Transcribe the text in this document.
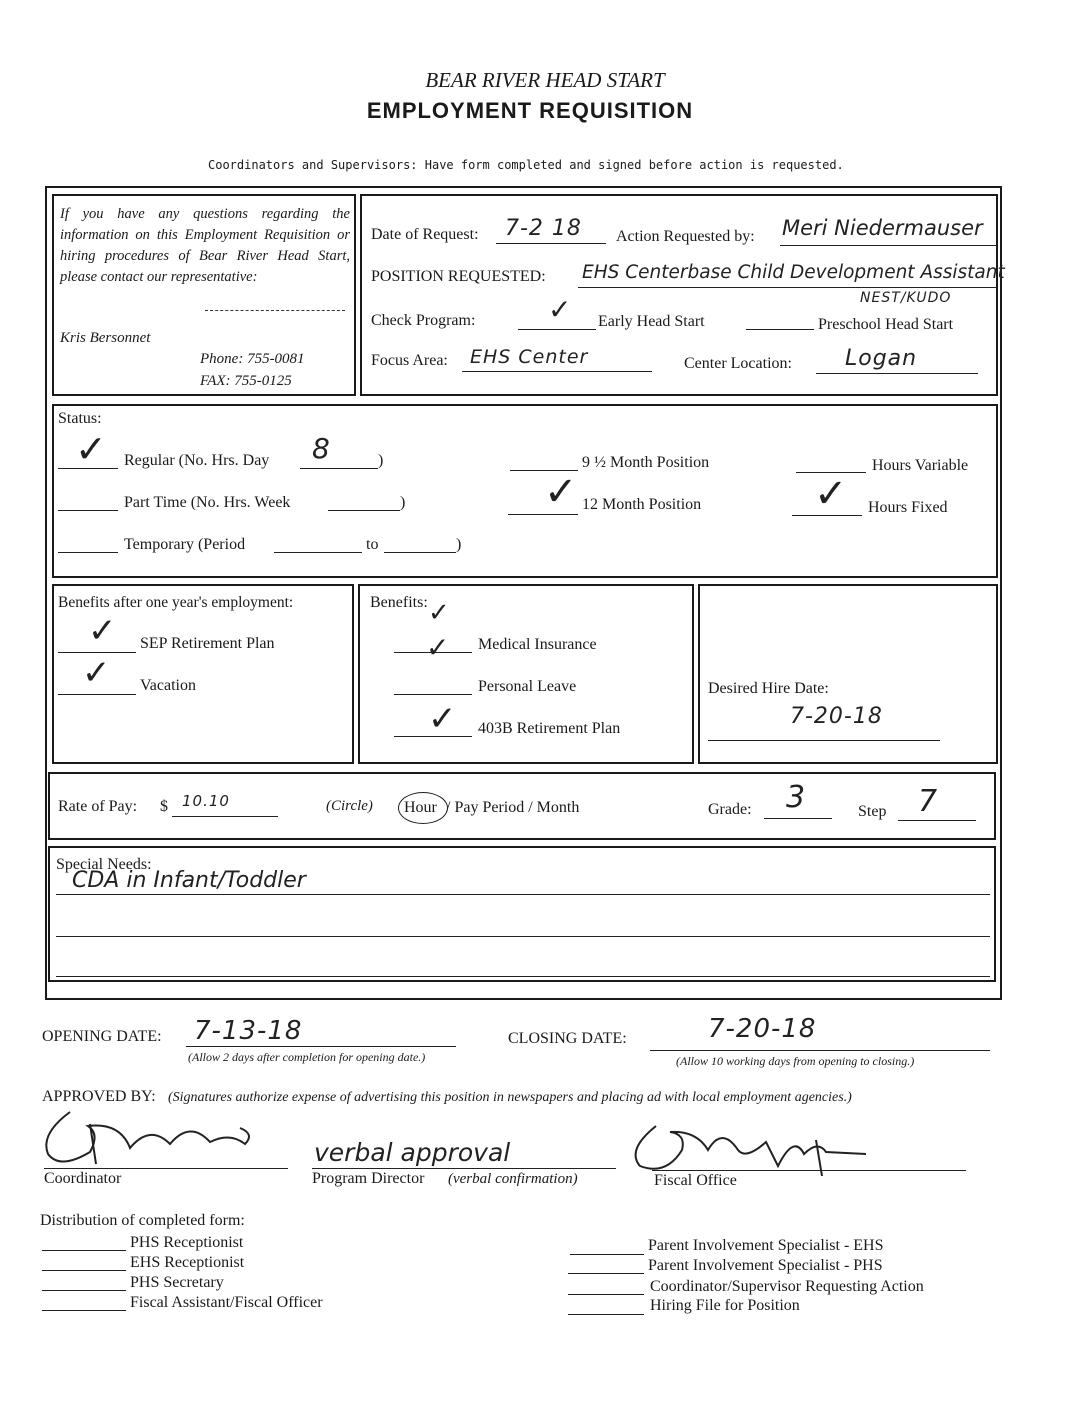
BEAR RIVER HEAD START
EMPLOYMENT REQUISITION
Coordinators and Supervisors: Have form completed and signed before action is requested.
If you have any questions regarding the information on this Employment Requisition or hiring procedures of Bear River Head Start, please contact our representative:
Kris Bersonnet
Phone: 755-0081
FAX: 755-0125
Date of Request: 7-2 18 Action Requested by: Meri Niedermauser
POSITION REQUESTED: EHS Centerbase Child Development Assistant
NEST/KUDO
Check Program:	✓ Early Head Start	Preschool Head Start
Focus Area: EHS Center	Center Location: Logan
Status:
✓ Regular (No. Hrs. Day 8	)
Part Time (No. Hrs. Week	)
Temporary (Period	to	)
9 ½ Month Position
✓ 12 Month Position
Hours Variable
✓ Hours Fixed
Benefits after one year's employment:
✓ SEP Retirement Plan
✓ Vacation
Benefits: ✓
✓ Medical Insurance
Personal Leave
✓ 403B Retirement Plan
Desired Hire Date:
7-20-18
Rate of Pay: $ 10.10	(Circle) Hour / Pay Period / Month	Grade: 3	Step 7
Special Needs:
CDA in Infant/Toddler
OPENING DATE: 7-13-18
(Allow 2 days after completion for opening date.)
CLOSING DATE:	7-20-18
(Allow 10 working days from opening to closing.)
APPROVED BY: (Signatures authorize expense of advertising this position in newspapers and placing ad with local employment agencies.)
Coordinator
verbal approval
Program Director (verbal confirmation)	Fiscal Office
Distribution of completed form:
PHS Receptionist
EHS Receptionist
PHS Secretary
Fiscal Assistant/Fiscal Officer
Parent Involvement Specialist - EHS
Parent Involvement Specialist - PHS
Coordinator/Supervisor Requesting Action
Hiring File for Position
